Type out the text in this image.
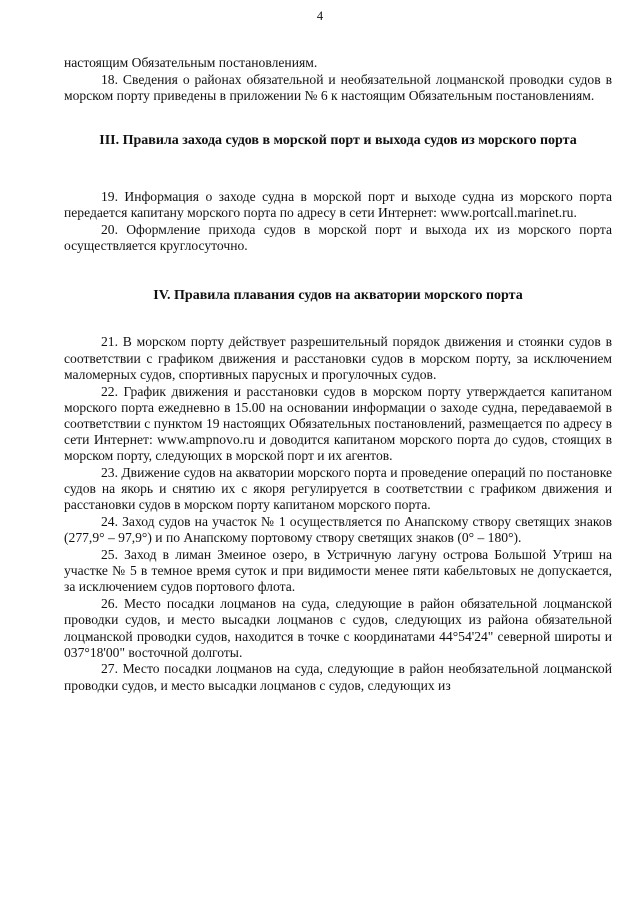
4

настоящим Обязательным постановлениям.

18. Сведения о районах обязательной и необязательной лоцманской проводки судов в морском порту приведены в приложении № 6 к настоящим Обязательным постановлениям.

III. Правила захода судов в морской порт и выхода судов из морского порта

19. Информация о заходе судна в морской порт и выходе судна из морского порта передается капитану морского порта по адресу в сети Интернет: www.portcall.marinet.ru.

20. Оформление прихода судов в морской порт и выхода их из морского порта осуществляется круглосуточно.

IV. Правила плавания судов на акватории морского порта

21. В морском порту действует разрешительный порядок движения и стоянки судов в соответствии с графиком движения и расстановки судов в морском порту, за исключением маломерных судов, спортивных парусных и прогулочных судов.

22. График движения и расстановки судов в морском порту утверждается капитаном морского порта ежедневно в 15.00 на основании информации о заходе судна, передаваемой в соответствии с пунктом 19 настоящих Обязательных постановлений, размещается по адресу в сети Интернет: www.ampnovo.ru и доводится капитаном морского порта до судов, стоящих в морском порту, следующих в морской порт и их агентов.

23. Движение судов на акватории морского порта и проведение операций по постановке судов на якорь и снятию их с якоря регулируется в соответствии с графиком движения и расстановки судов в морском порту капитаном морского порта.

24. Заход судов на участок № 1 осуществляется по Анапскому створу светящих знаков (277,9° – 97,9°) и по Анапскому портовому створу светящих знаков (0° – 180°).

25. Заход в лиман Змеиное озеро, в Устричную лагуну острова Большой Утриш на участке № 5 в темное время суток и при видимости менее пяти кабельтовых не допускается, за исключением судов портового флота.

26. Место посадки лоцманов на суда, следующие в район обязательной лоцманской проводки судов, и место высадки лоцманов с судов, следующих из района обязательной лоцманской проводки судов, находится в точке с координатами 44°54'24" северной широты и 037°18'00" восточной долготы.

27. Место посадки лоцманов на суда, следующие в район необязательной лоцманской проводки судов, и место высадки лоцманов с судов, следующих из
